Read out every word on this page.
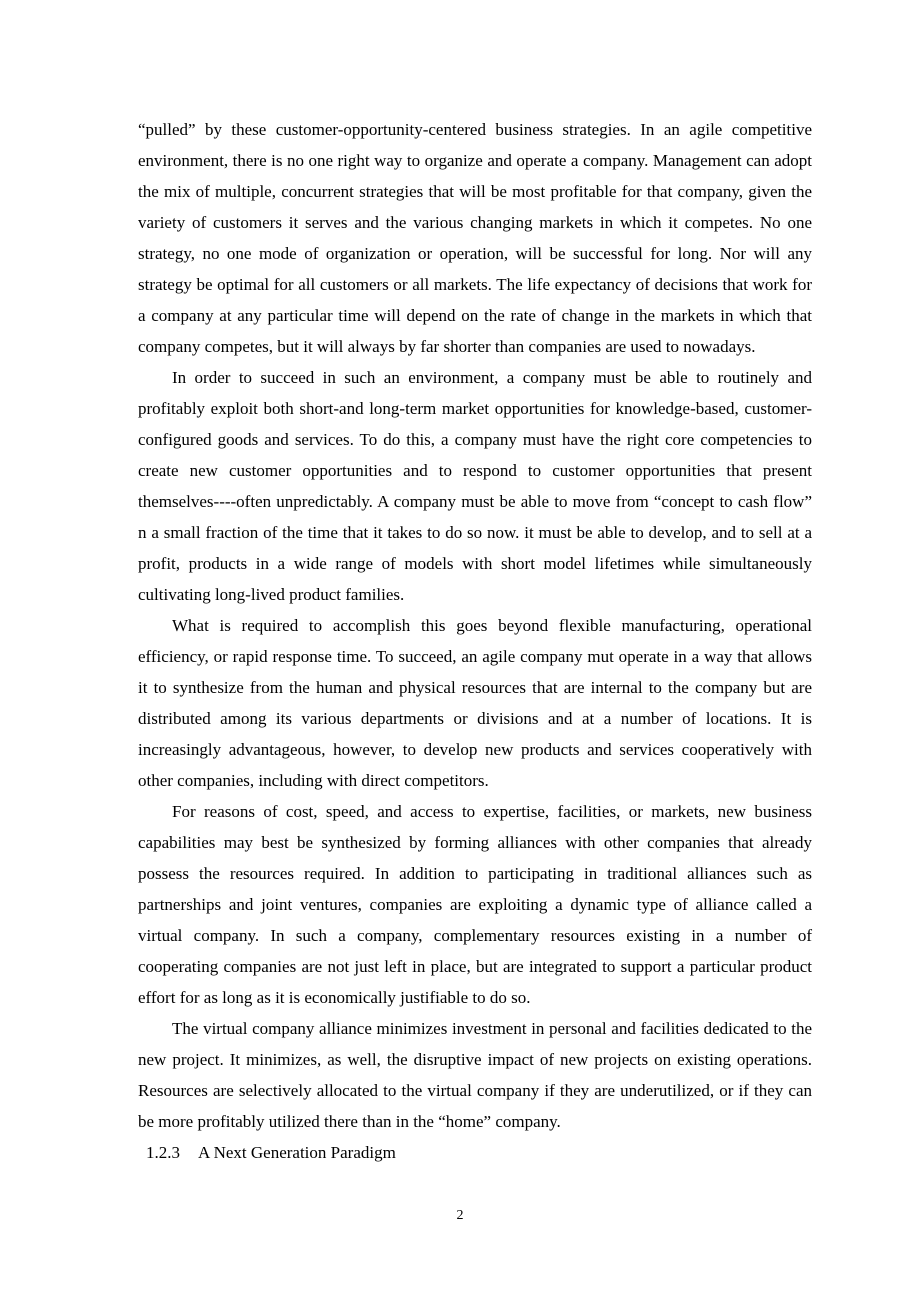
“pulled” by these customer-opportunity-centered business strategies. In an agile competitive environment, there is no one right way to organize and operate a company. Management can adopt the mix of multiple, concurrent strategies that will be most profitable for that company, given the variety of customers it serves and the various changing markets in which it competes. No one strategy, no one mode of organization or operation, will be successful for long. Nor will any strategy be optimal for all customers or all markets. The life expectancy of decisions that work for a company at any particular time will depend on the rate of change in the markets in which that company competes, but it will always by far shorter than companies are used to nowadays.

In order to succeed in such an environment, a company must be able to routinely and profitably exploit both short-and long-term market opportunities for knowledge-based, customer-configured goods and services. To do this, a company must have the right core competencies to create new customer opportunities and to respond to customer opportunities that present themselves----often unpredictably. A company must be able to move from “concept to cash flow” n a small fraction of the time that it takes to do so now. it must be able to develop, and to sell at a profit, products in a wide range of models with short model lifetimes while simultaneously cultivating long-lived product families.

What is required to accomplish this goes beyond flexible manufacturing, operational efficiency, or rapid response time. To succeed, an agile company mut operate in a way that allows it to synthesize from the human and physical resources that are internal to the company but are distributed among its various departments or divisions and at a number of locations. It is increasingly advantageous, however, to develop new products and services cooperatively with other companies, including with direct competitors.

For reasons of cost, speed, and access to expertise, facilities, or markets, new business capabilities may best be synthesized by forming alliances with other companies that already possess the resources required. In addition to participating in traditional alliances such as partnerships and joint ventures, companies are exploiting a dynamic type of alliance called a virtual company. In such a company, complementary resources existing in a number of cooperating companies are not just left in place, but are integrated to support a particular product effort for as long as it is economically justifiable to do so.

The virtual company alliance minimizes investment in personal and facilities dedicated to the new project. It minimizes, as well, the disruptive impact of new projects on existing operations. Resources are selectively allocated to the virtual company if they are underutilized, or if they can be more profitably utilized there than in the “home” company.

1.2.3 A Next Generation Paradigm

2
